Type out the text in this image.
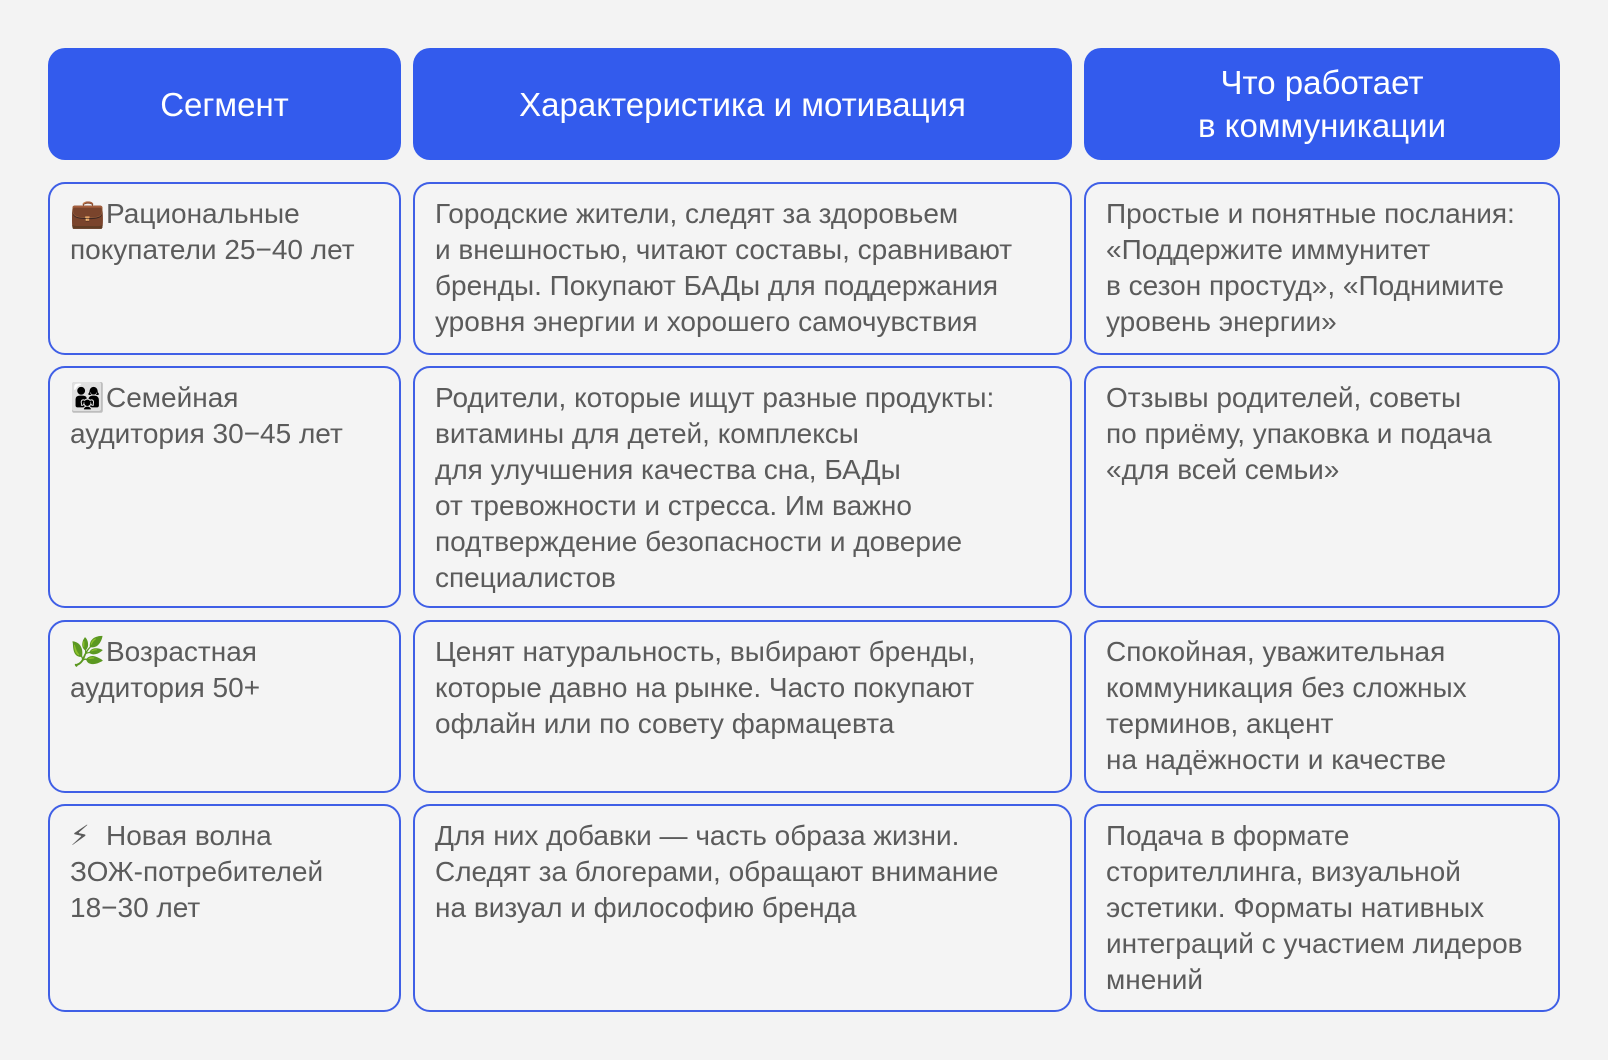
Сегмент	Характеристика и мотивация
Что работает
в коммуникации
💼Рациональные
покупатели 25−40 лет
Городские жители, следят за здоровьем
и внешностью, читают составы, сравнивают
бренды. Покупают БАДы для поддержания
уровня энергии и хорошего самочувствия
Простые и понятные послания:
«Поддержите иммунитет
в сезон простуд», «Поднимите
уровень энергии»
👨‍👩‍👧Семейная
аудитория 30−45 лет
Родители, которые ищут разные продукты:
витамины для детей, комплексы
для улучшения качества сна, БАДы
от тревожности и стресса. Им важно
подтверждение безопасности и доверие
специалистов
Отзывы родителей, советы
по приёму, упаковка и подача
«для всей семьи»
🌿Возрастная
аудитория 50+
Ценят натуральность, выбирают бренды,
которые давно на рынке. Часто покупают
офлайн или по совету фармацевта
Спокойная, уважительная
коммуникация без сложных
терминов, акцент
на надёжности и качестве
⚡ Новая волна
ЗОЖ-потребителей
18−30 лет
Для них добавки — часть образа жизни.
Следят за блогерами, обращают внимание
на визуал и философию бренда
Подача в формате
сторителлинга, визуальной
эстетики. Форматы нативных
интеграций с участием лидеров
мнений
